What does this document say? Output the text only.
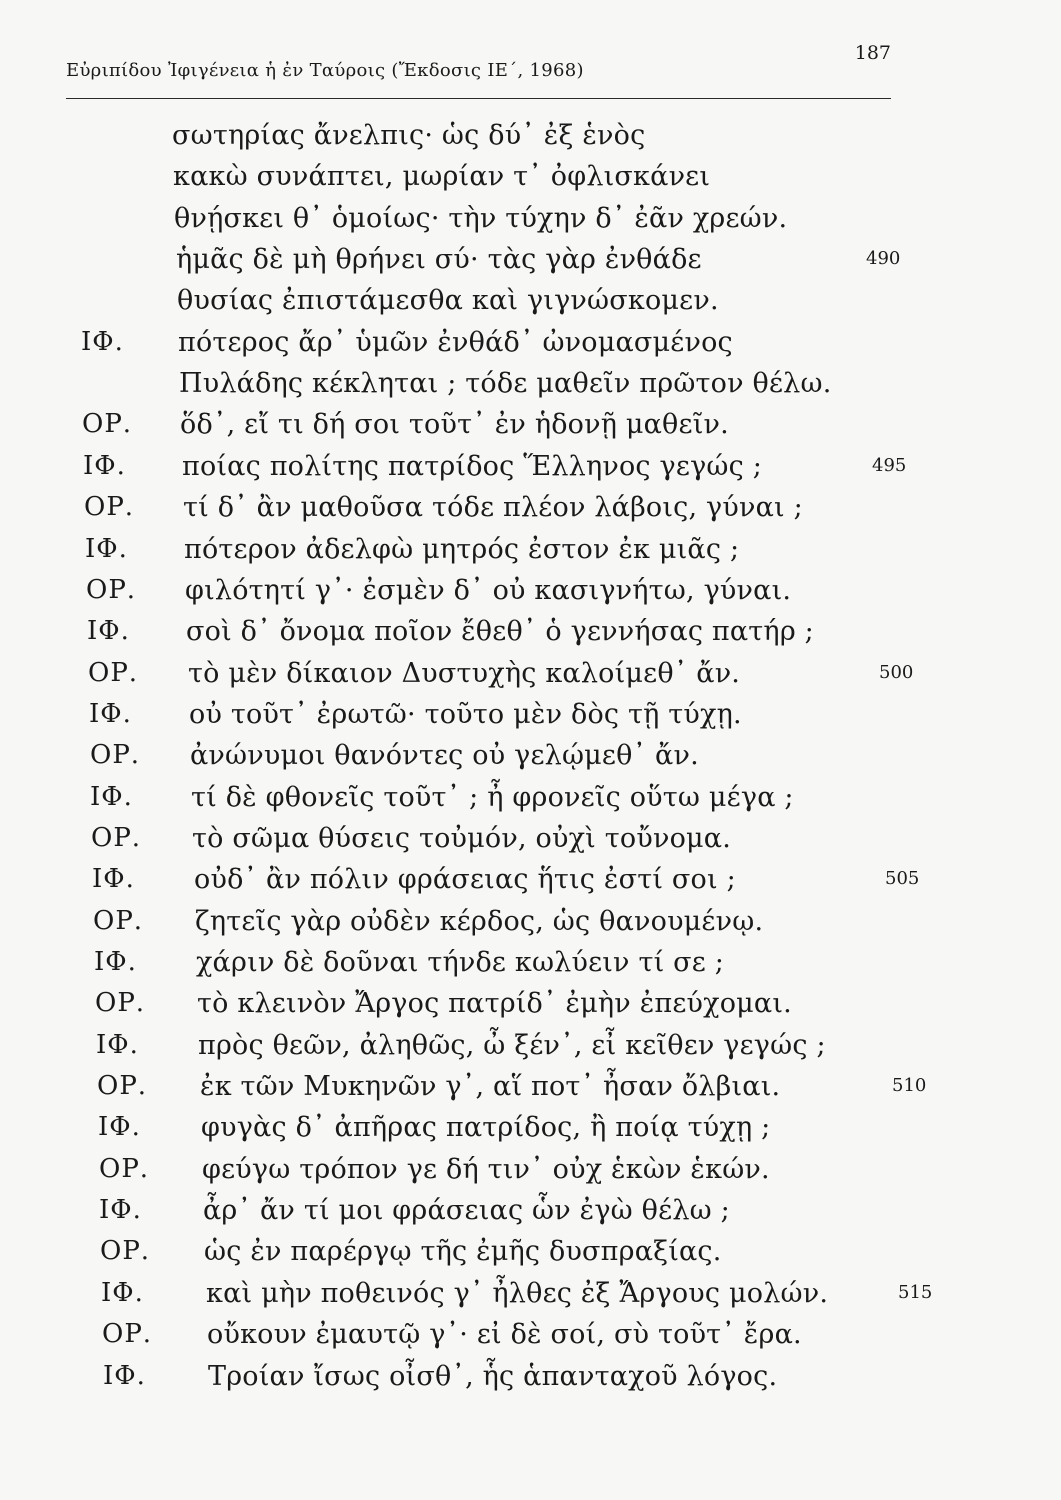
Εὐριπίδου Ἰφιγένεια ἡ ἐν Ταύροις (Ἔκδοσις ΙΕ΄, 1968)
187
σωτηρίας ἄνελπις· ὡς δύ᾽ ἐξ ἑνὸς
κακὼ συνάπτει, μωρίαν τ᾽ ὀφλισκάνει
θνῄσκει θ᾽ ὁμοίως· τὴν τύχην δ᾽ ἐᾶν χρεών.
ἡμᾶς δὲ μὴ θρήνει σύ· τὰς γὰρ ἐνθάδε	490
θυσίας ἐπιστάμεσθα καὶ γιγνώσκομεν.
ΙΦ. πότερος ἄρ᾽ ὑμῶν ἐνθάδ᾽ ὠνομασμένος
Πυλάδης κέκληται ; τόδε μαθεῖν πρῶτον θέλω.
ΟΡ. ὅδ᾽, εἴ τι δή σοι τοῦτ᾽ ἐν ἡδονῇ μαθεῖν.
ΙΦ. ποίας πολίτης πατρίδος Ἕλληνος γεγώς ;	495
ΟΡ. τί δ᾽ ἂν μαθοῦσα τόδε πλέον λάβοις, γύναι ;
ΙΦ. πότερον ἀδελφὼ μητρός ἐστον ἐκ μιᾶς ;
ΟΡ. φιλότητί γ᾽· ἐσμὲν δ᾽ οὐ κασιγνήτω, γύναι.
ΙΦ. σοὶ δ᾽ ὄνομα ποῖον ἔθεθ᾽ ὁ γεννήσας πατήρ ;
ΟΡ. τὸ μὲν δίκαιον Δυστυχὴς καλοίμεθ᾽ ἄν.	500
ΙΦ. οὐ τοῦτ᾽ ἐρωτῶ· τοῦτο μὲν δὸς τῇ τύχῃ.
ΟΡ. ἀνώνυμοι θανόντες οὐ γελῴμεθ᾽ ἄν.
ΙΦ. τί δὲ φθονεῖς τοῦτ᾽ ; ἦ φρονεῖς οὕτω μέγα ;
ΟΡ. τὸ σῶμα θύσεις τοὐμόν, οὐχὶ τοὔνομα.
ΙΦ. οὐδ᾽ ἂν πόλιν φράσειας ἥτις ἐστί σοι ;	505
ΟΡ. ζητεῖς γὰρ οὐδὲν κέρδος, ὡς θανουμένῳ.
ΙΦ. χάριν δὲ δοῦναι τήνδε κωλύειν τί σε ;
ΟΡ. τὸ κλεινὸν Ἄργος πατρίδ᾽ ἐμὴν ἐπεύχομαι.
ΙΦ. πρὸς θεῶν, ἀληθῶς, ὦ ξέν᾽, εἶ κεῖθεν γεγώς ;
ΟΡ. ἐκ τῶν Μυκηνῶν γ᾽, αἵ ποτ᾽ ἦσαν ὄλβιαι.	510
ΙΦ. φυγὰς δ᾽ ἀπῆρας πατρίδος, ἢ ποίᾳ τύχῃ ;
ΟΡ. φεύγω τρόπον γε δή τιν᾽ οὐχ ἑκὼν ἑκών.
ΙΦ. ἆρ᾽ ἄν τί μοι φράσειας ὧν ἐγὼ θέλω ;
ΟΡ. ὡς ἐν παρέργῳ τῆς ἐμῆς δυσπραξίας.
ΙΦ. καὶ μὴν ποθεινός γ᾽ ἦλθες ἐξ Ἄργους μολών.	515
ΟΡ. οὔκουν ἐμαυτῷ γ᾽· εἰ δὲ σοί, σὺ τοῦτ᾽ ἔρα.
ΙΦ. Τροίαν ἴσως οἶσθ᾽, ἧς ἁπανταχοῦ λόγος.
